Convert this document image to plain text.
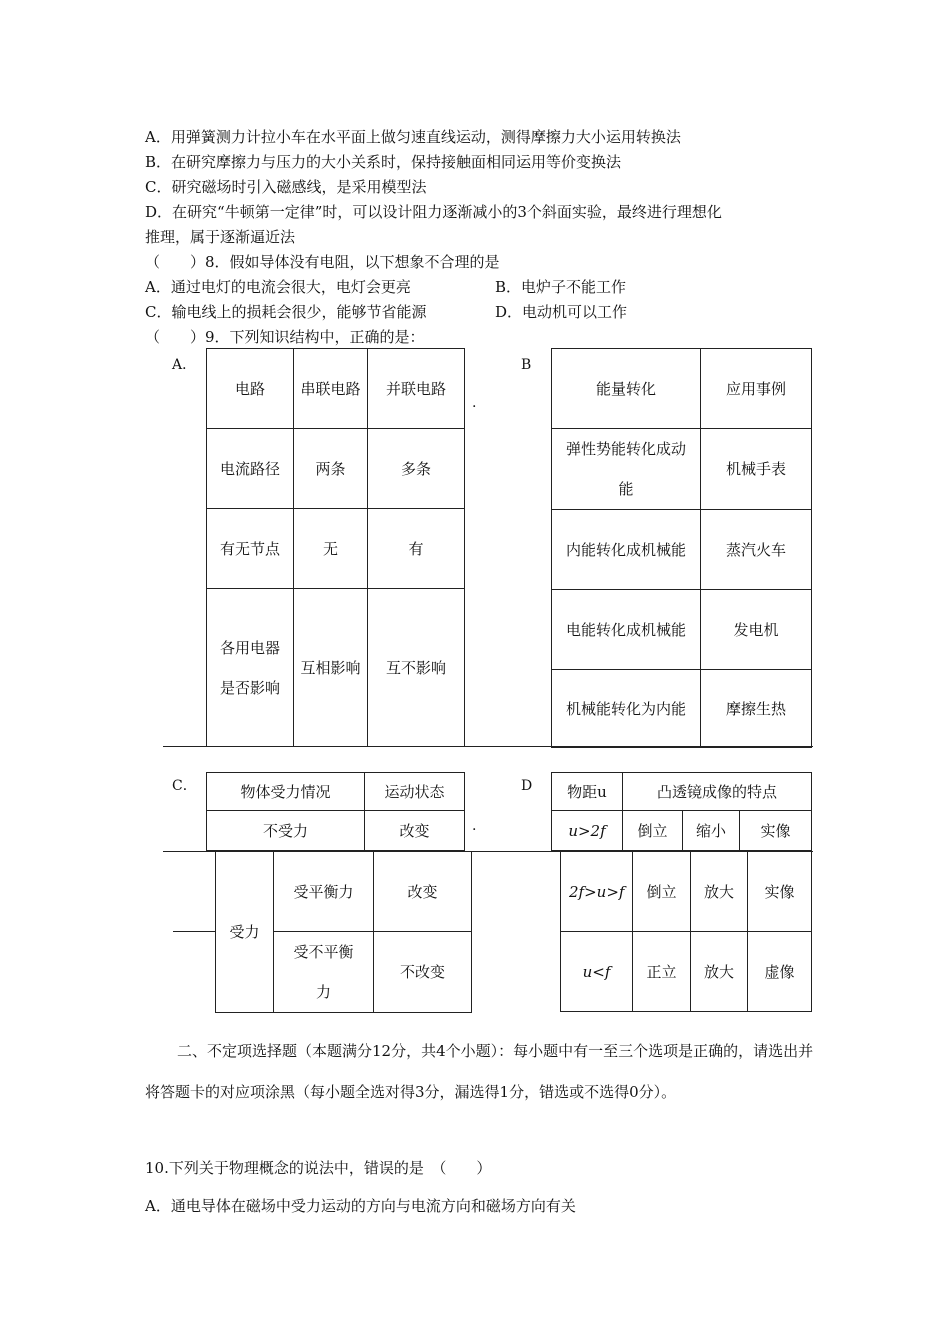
A．用弹簧测力计拉小车在水平面上做匀速直线运动，测得摩擦力大小运用转换法
B．在研究摩擦力与压力的大小关系时，保持接触面相同运用等价变换法
C．研究磁场时引入磁感线，是采用模型法
D．在研究“牛顿第一定律”时，可以设计阻力逐渐减小的3个斜面实验，最终进行理想化
推理，属于逐渐逼近法
（　　）8．假如导体没有电阻，以下想象不合理的是
A．通过电灯的电流会很大，电灯会更亮	B．电炉子不能工作
C．输电线上的损耗会很少，能够节省能源	D．电动机可以工作
（　　）9．下列知识结构中，正确的是：
A．	B
.
电路	串联电路	并联电路
电流路径	两条	多条
有无节点	无	有
各用电器是否影响	互相影响	互不影响
能量转化	应用事例
弹性势能转化成动能	机械手表
内能转化成机械能	蒸汽火车
电能转化成机械能	发电机
机械能转化为内能	摩擦生热
C．	D
.
物体受力情况	运动状态
不受力	改变
受力	受平衡力	改变
	受不平衡力	不改变
物距u	凸透镜成像的特点		
u>2f	倒立	缩小	实像
2f>u>f	倒立	放大	实像
u<f	正立	放大	虚像
二、不定项选择题（本题满分12分，共4个小题）：每小题中有一至三个选项是正确的，请选出并将答题卡的对应项涂黑（每小题全选对得3分，漏选得1分，错选或不选得0分）。
10.下列关于物理概念的说法中，错误的是　（　　）
A．通电导体在磁场中受力运动的方向与电流方向和磁场方向有关
